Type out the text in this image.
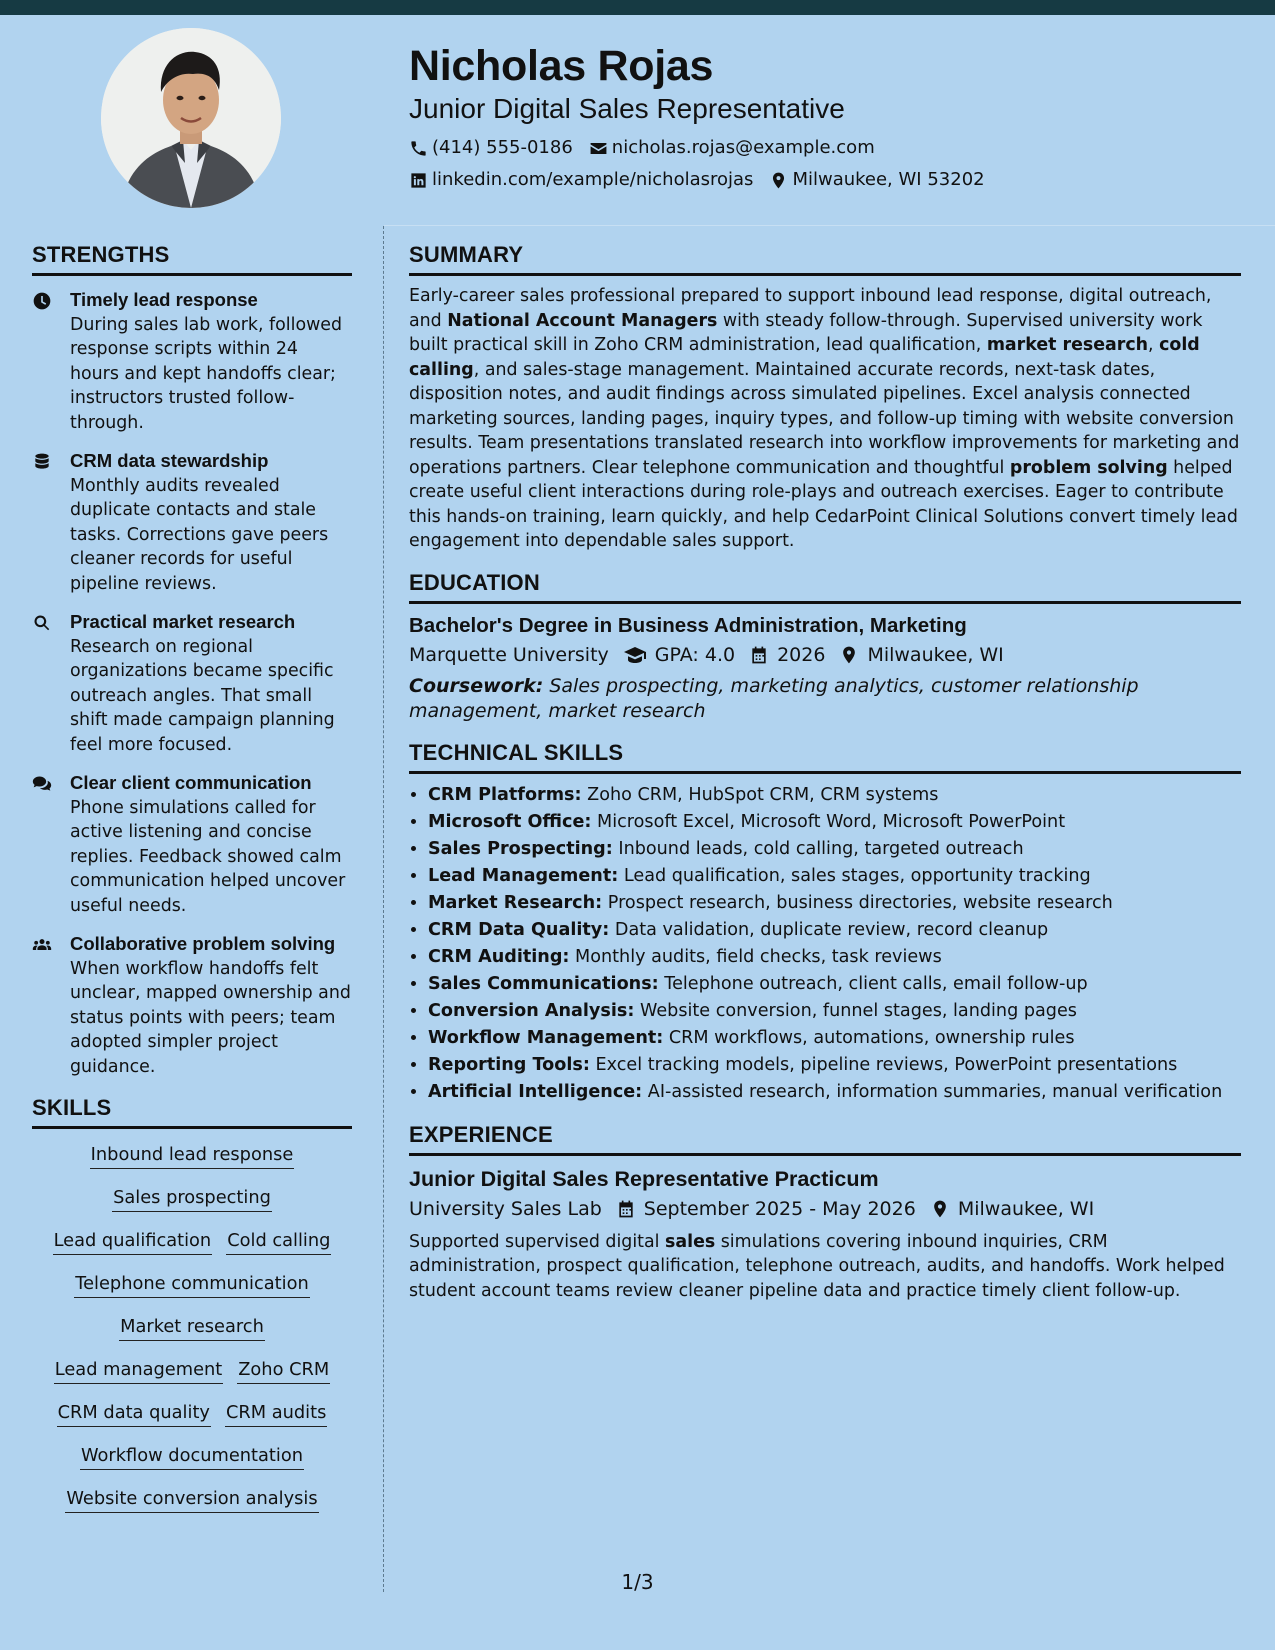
Nicholas Rojas
Junior Digital Sales Representative
(414) 555-0186 nicholas.rojas@example.com
linkedin.com/example/nicholasrojas Milwaukee, WI 53202
STRENGTHS
Timely lead response
During sales lab work, followed response scripts within 24 hours and kept handoffs clear; instructors trusted follow-through.
CRM data stewardship
Monthly audits revealed duplicate contacts and stale tasks. Corrections gave peers cleaner records for useful pipeline reviews.
Practical market research
Research on regional organizations became specific outreach angles. That small shift made campaign planning feel more focused.
Clear client communication
Phone simulations called for active listening and concise replies. Feedback showed calm communication helped uncover useful needs.
Collaborative problem solving
When workflow handoffs felt unclear, mapped ownership and status points with peers; team adopted simpler project guidance.
SKILLS
Inbound lead response
Sales prospecting
Lead qualification Cold calling
Telephone communication
Market research
Lead management Zoho CRM
CRM data quality CRM audits
Workflow documentation
Website conversion analysis
SUMMARY

Early-career sales professional prepared to support inbound lead response, digital outreach, and National Account Managers with steady follow-through. Supervised university work built practical skill in Zoho CRM administration, lead qualification, market research, cold calling, and sales-stage management. Maintained accurate records, next-task dates, disposition notes, and audit findings across simulated pipelines. Excel analysis connected marketing sources, landing pages, inquiry types, and follow-up timing with website conversion results. Team presentations translated research into workflow improvements for marketing and operations partners. Clear telephone communication and thoughtful problem solving helped create useful client interactions during role-plays and outreach exercises. Eager to contribute this hands-on training, learn quickly, and help CedarPoint Clinical Solutions convert timely lead engagement into dependable sales support.

EDUCATION
Bachelor's Degree in Business Administration, Marketing
Marquette University GPA: 4.0 2026 Milwaukee, WI
Coursework: Sales prospecting, marketing analytics, customer relationship management, market research
TECHNICAL SKILLS
• CRM Platforms: Zoho CRM, HubSpot CRM, CRM systems
• Microsoft Office: Microsoft Excel, Microsoft Word, Microsoft PowerPoint
• Sales Prospecting: Inbound leads, cold calling, targeted outreach
• Lead Management: Lead qualification, sales stages, opportunity tracking
• Market Research: Prospect research, business directories, website research
• CRM Data Quality: Data validation, duplicate review, record cleanup
• CRM Auditing: Monthly audits, field checks, task reviews
• Sales Communications: Telephone outreach, client calls, email follow-up
• Conversion Analysis: Website conversion, funnel stages, landing pages
• Workflow Management: CRM workflows, automations, ownership rules
• Reporting Tools: Excel tracking models, pipeline reviews, PowerPoint presentations
• Artificial Intelligence: AI-assisted research, information summaries, manual verification
EXPERIENCE
Junior Digital Sales Representative Practicum
University Sales Lab September 2025 - May 2026 Milwaukee, WI
Supported supervised digital sales simulations covering inbound inquiries, CRM administration, prospect qualification, telephone outreach, audits, and handoffs. Work helped student account teams review cleaner pipeline data and practice timely client follow-up.
1/3
